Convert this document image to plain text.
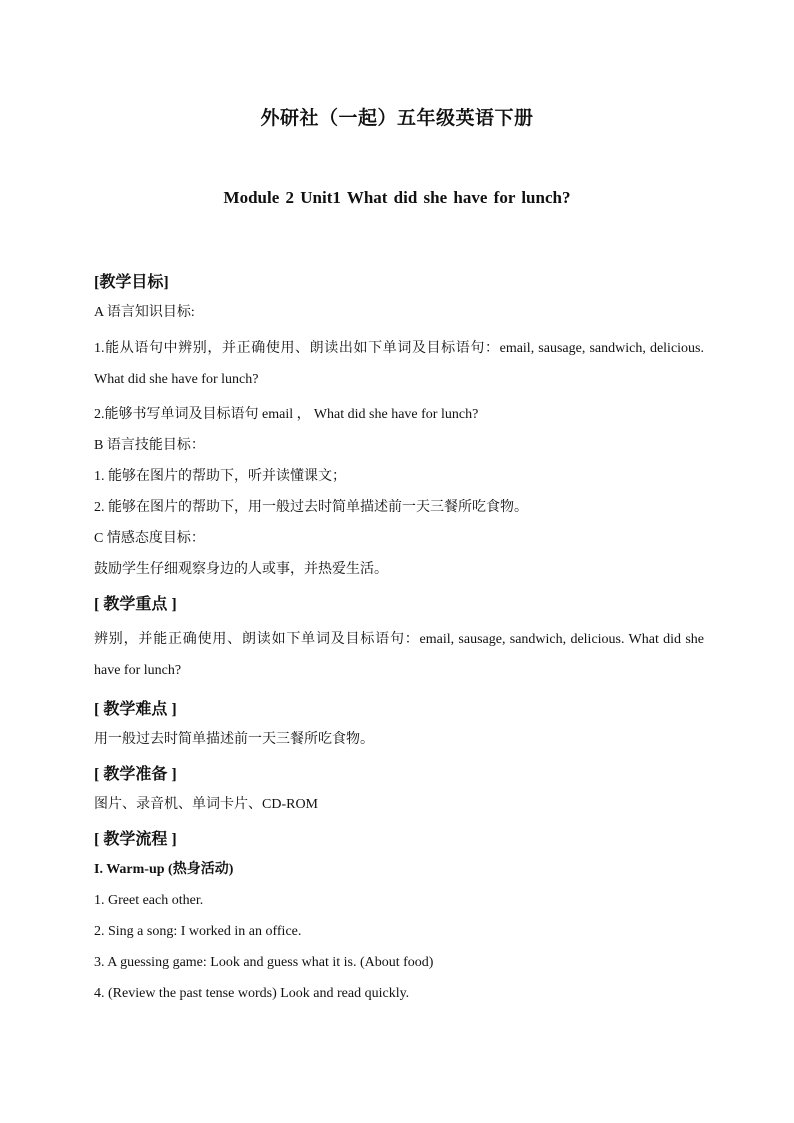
外研社（一起）五年级英语下册
Module 2 Unit1 What did she have for lunch?
[教学目标]
A 语言知识目标:
1.能从语句中辨别，并正确使用、朗读出如下单词及目标语句：email, sausage, sandwich, delicious. What did she have for lunch?
2.能够书写单词及目标语句 email ， What did she have for lunch?
B 语言技能目标：
1. 能够在图片的帮助下，听并读懂课文；
2. 能够在图片的帮助下，用一般过去时简单描述前一天三餐所吃食物。
C 情感态度目标：
鼓励学生仔细观察身边的人或事，并热爱生活。
[ 教学重点 ]
辨别，并能正确使用、朗读如下单词及目标语句：email, sausage, sandwich, delicious. What did she have for lunch?
[ 教学难点 ]
用一般过去时简单描述前一天三餐所吃食物。
[ 教学准备 ]
图片、录音机、单词卡片、CD-ROM
[ 教学流程 ]
I. Warm-up (热身活动)
1. Greet each other.
2. Sing a song: I worked in an office.
3. A guessing game: Look and guess what it is. (About food)
4. (Review the past tense words) Look and read quickly.
